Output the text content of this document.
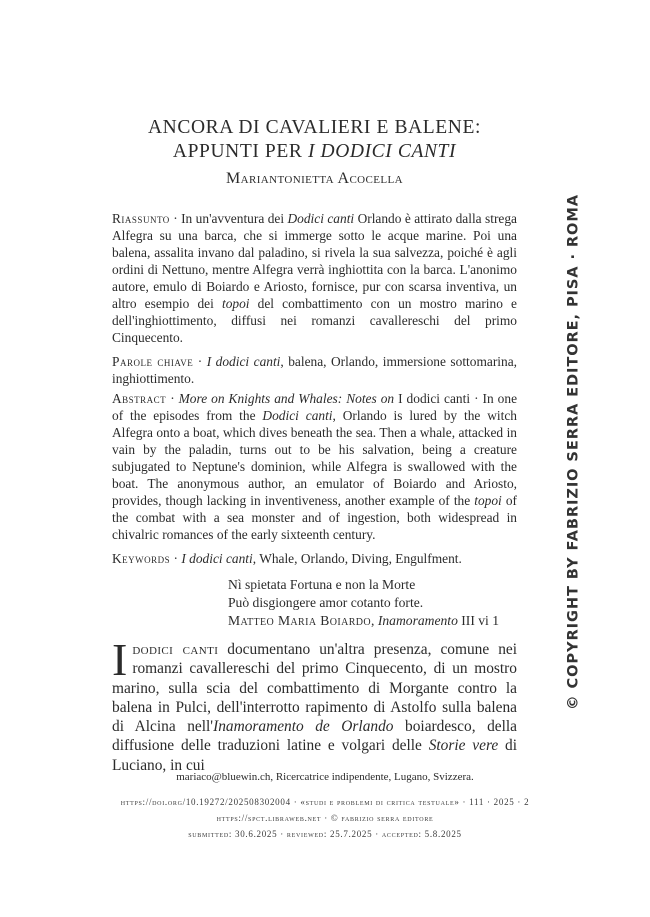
ANCORA DI CAVALIERI E BALENE:
APPUNTI PER I DODICI CANTI
Mariantonietta Acocella

Riassunto · In un'avventura dei Dodici canti Orlando è attirato dalla strega Alfegra su una barca, che si immerge sotto le acque marine. Poi una balena, assalita invano dal paladino, si rivela la sua salvezza, poiché è agli ordini di Nettuno, mentre Alfegra verrà inghiottita con la barca. L'anonimo autore, emulo di Boiardo e Ariosto, fornisce, pur con scarsa inventiva, un altro esempio dei topoi del combattimento con un mostro marino e dell'inghiottimento, diffusi nei romanzi cavallereschi del primo Cinquecento.

Parole chiave · I dodici canti, balena, Orlando, immersione sottomarina, inghiottimento.

Abstract · More on Knights and Whales: Notes on I dodici canti · In one of the episodes from the Dodici canti, Orlando is lured by the witch Alfegra onto a boat, which dives beneath the sea. Then a whale, attacked in vain by the paladin, turns out to be his salvation, being a creature subjugated to Neptune's dominion, while Alfegra is swallowed with the boat. The anonymous author, an emulator of Boiardo and Ariosto, provides, though lacking in inventiveness, another example of the topoi of the combat with a sea monster and of ingestion, both widespread in chivalric romances of the early sixteenth century.

Keywords · I dodici canti, Whale, Orlando, Diving, Engulfment.

Nì spietata Fortuna e non la Morte
Può disgiongere amor cotanto forte.
Matteo Maria Boiardo, Inamoramento III vi 1
Idodici canti documentano un'altra presenza, comune nei romanzi cavallereschi del primo Cinquecento, di un mostro marino, sulla scia del combattimento di Morgante contro la balena in Pulci, dell'interrotto rapimento di Astolfo sulla balena di Alcina nell'Inamoramento de Orlando boiardesco, della diffusione delle traduzioni latine e volgari delle Storie vere di Luciano, in cui
mariaco@bluewin.ch, Ricercatrice indipendente, Lugano, Svizzera.
https://doi.org/10.19272/202508302004 · «studi e problemi di critica testuale» · 111 · 2025 · 2
https://spct.libraweb.net · © fabrizio serra editore
submitted: 30.6.2025 · reviewed: 25.7.2025 · accepted: 5.8.2025
© COPYRIGHT BY FABRIZIO SERRA EDITORE, PISA · ROMA
